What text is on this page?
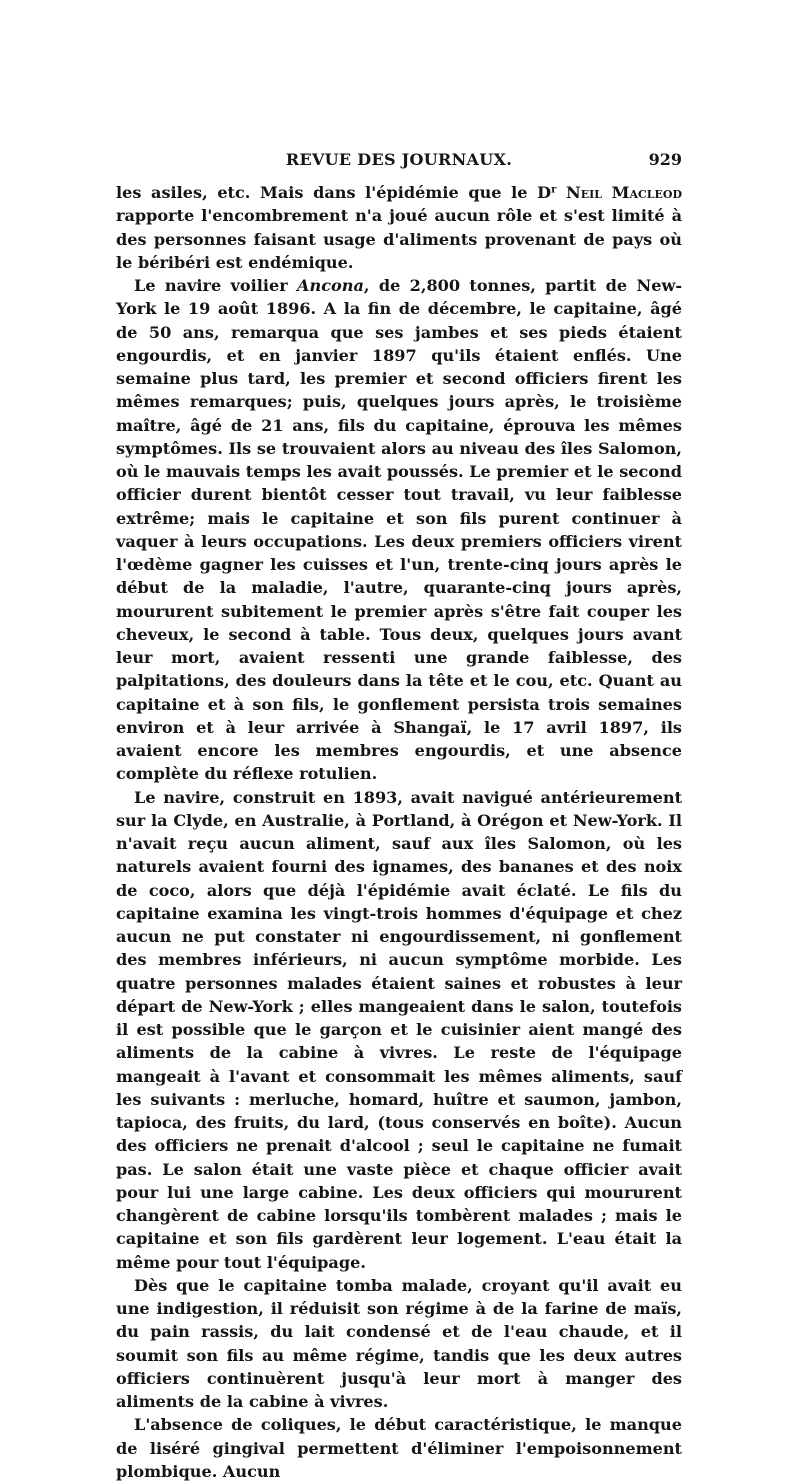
REVUE DES JOURNAUX.	929

les asiles, etc. Mais dans l'épidémie que le $D^r$ Neil Macleod rapporte l'encombrement n'a joué aucun rôle et s'est limité à des personnes faisant usage d'aliments provenant de pays où le béribéri est endémique.

Le navire voilier Ancona, de 2,800 tonnes, partit de New-York le 19 août 1896. A la fin de décembre, le capitaine, âgé de 50 ans, remarqua que ses jambes et ses pieds étaient engourdis, et en janvier 1897 qu'ils étaient enflés. Une semaine plus tard, les premier et second officiers firent les mêmes remarques; puis, quelques jours après, le troisième maître, âgé de 21 ans, fils du capitaine, éprouva les mêmes symptômes. Ils se trouvaient alors au niveau des îles Salomon, où le mauvais temps les avait poussés. Le premier et le second officier durent bientôt cesser tout travail, vu leur faiblesse extrême; mais le capitaine et son fils purent continuer à vaquer à leurs occupations. Les deux premiers officiers virent l'œdème gagner les cuisses et l'un, trente-cinq jours après le début de la maladie, l'autre, quarante-cinq jours après, moururent subitement le premier après s'être fait couper les cheveux, le second à table. Tous deux, quelques jours avant leur mort, avaient ressenti une grande faiblesse, des palpitations, des douleurs dans la tête et le cou, etc. Quant au capitaine et à son fils, le gonflement persista trois semaines environ et à leur arrivée à Shangaï, le 17 avril 1897, ils avaient encore les membres engourdis, et une absence complète du réflexe rotulien.

Le navire, construit en 1893, avait navigué antérieurement sur la Clyde, en Australie, à Portland, à Orégon et New-York. Il n'avait reçu aucun aliment, sauf aux îles Salomon, où les naturels avaient fourni des ignames, des bananes et des noix de coco, alors que déjà l'épidémie avait éclaté. Le fils du capitaine examina les vingt-trois hommes d'équipage et chez aucun ne put constater ni engourdissement, ni gonflement des membres inférieurs, ni aucun symptôme morbide. Les quatre personnes malades étaient saines et robustes à leur départ de New-York ; elles mangeaient dans le salon, toutefois il est possible que le garçon et le cuisinier aient mangé des aliments de la cabine à vivres. Le reste de l'équipage mangeait à l'avant et consommait les mêmes aliments, sauf les suivants : merluche, homard, huître et saumon, jambon, tapioca, des fruits, du lard, (tous conservés en boîte). Aucun des officiers ne prenait d'alcool ; seul le capitaine ne fumait pas. Le salon était une vaste pièce et chaque officier avait pour lui une large cabine. Les deux officiers qui moururent changèrent de cabine lorsqu'ils tombèrent malades ; mais le capitaine et son fils gardèrent leur logement. L'eau était la même pour tout l'équipage.

Dès que le capitaine tomba malade, croyant qu'il avait eu une indigestion, il réduisit son régime à de la farine de maïs, du pain rassis, du lait condensé et de l'eau chaude, et il soumit son fils au même régime, tandis que les deux autres officiers continuèrent jusqu'à leur mort à manger des aliments de la cabine à vivres.

L'absence de coliques, le début caractéristique, le manque de liséré gingival permettent d'éliminer l'empoisonnement plombique. Aucun
